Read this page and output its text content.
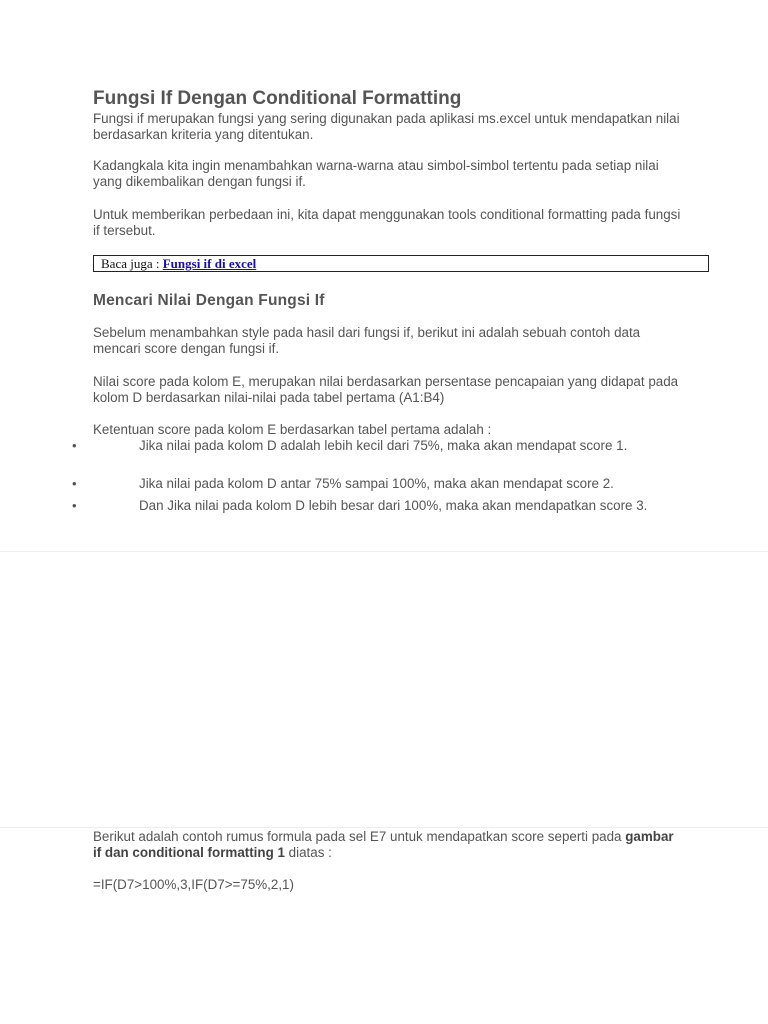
Fungsi If Dengan Conditional Formatting

Fungsi if merupakan fungsi yang sering digunakan pada aplikasi ms.excel untuk mendapatkan nilai berdasarkan kriteria yang ditentukan.

Kadangkala kita ingin menambahkan warna-warna atau simbol-simbol tertentu pada setiap nilai yang dikembalikan dengan fungsi if.

Untuk memberikan perbedaan ini, kita dapat menggunakan tools conditional formatting pada fungsi if tersebut.

Baca juga : Fungsi if di excel
Mencari Nilai Dengan Fungsi If

Sebelum menambahkan style pada hasil dari fungsi if, berikut ini adalah sebuah contoh data mencari score dengan fungsi if.

Nilai score pada kolom E, merupakan nilai berdasarkan persentase pencapaian yang didapat pada kolom D berdasarkan nilai-nilai pada tabel pertama (A1:B4)

Ketentuan score pada kolom E berdasarkan tabel pertama adalah :

•	Jika nilai pada kolom D adalah lebih kecil dari 75%, maka akan mendapat score 1.
•	Jika nilai pada kolom D antar 75% sampai 100%, maka akan mendapat score 2.
•	Dan Jika nilai pada kolom D lebih besar dari 100%, maka akan mendapatkan score 3.

Berikut adalah contoh rumus formula pada sel E7 untuk mendapatkan score seperti pada gambar if dan conditional formatting 1 diatas :

=IF(D7>100%,3,IF(D7>=75%,2,1)
